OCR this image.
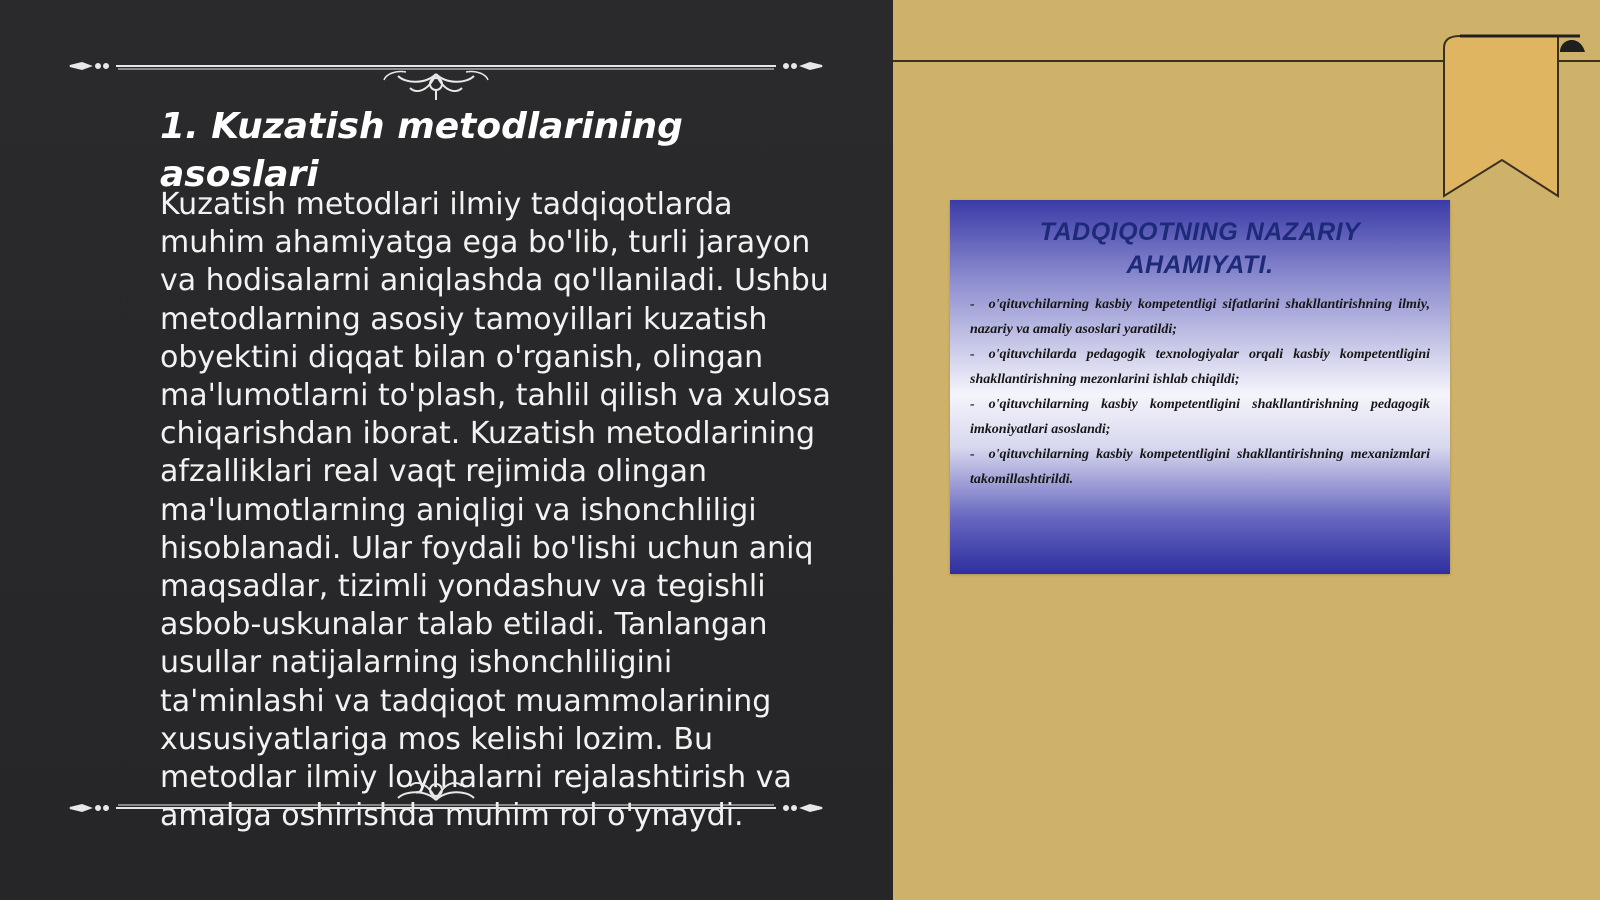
1. Kuzatish metodlarining asoslari

Kuzatish metodlari ilmiy tadqiqotlarda muhim ahamiyatga ega bo'lib, turli jarayon va hodisalarni aniqlashda qo'llaniladi. Ushbu metodlarning asosiy tamoyillari kuzatish obyektini diqqat bilan o'rganish, olingan ma'lumotlarni to'plash, tahlil qilish va xulosa chiqarishdan iborat. Kuzatish metodlarining afzalliklari real vaqt rejimida olingan ma'lumotlarning aniqligi va ishonchliligi hisoblanadi. Ular foydali bo'lishi uchun aniq maqsadlar, tizimli yondashuv va tegishli asbob-uskunalar talab etiladi. Tanlangan usullar natijalarning ishonchliligini ta'minlashi va tadqiqot muammolarining xususiyatlariga mos kelishi lozim. Bu metodlar ilmiy loyihalarni rejalashtirish va amalga oshirishda muhim rol o'ynaydi.

TADQIQOTNING NAZARIY
AHAMIYATI.
- o'qituvchilarning kasbiy kompetentligi sifatlarini shakllantirishning ilmiy, nazariy va amaliy asoslari yaratildi;
- o'qituvchilarda pedagogik texnologiyalar orqali kasbiy kompetentligini shakllantirishning mezonlarini ishlab chiqildi;
- o'qituvchilarning kasbiy kompetentligini shakllantirishning pedagogik imkoniyatlari asoslandi;
- o'qituvchilarning kasbiy kompetentligini shakllantirishning mexanizmlari takomillashtirildi.
